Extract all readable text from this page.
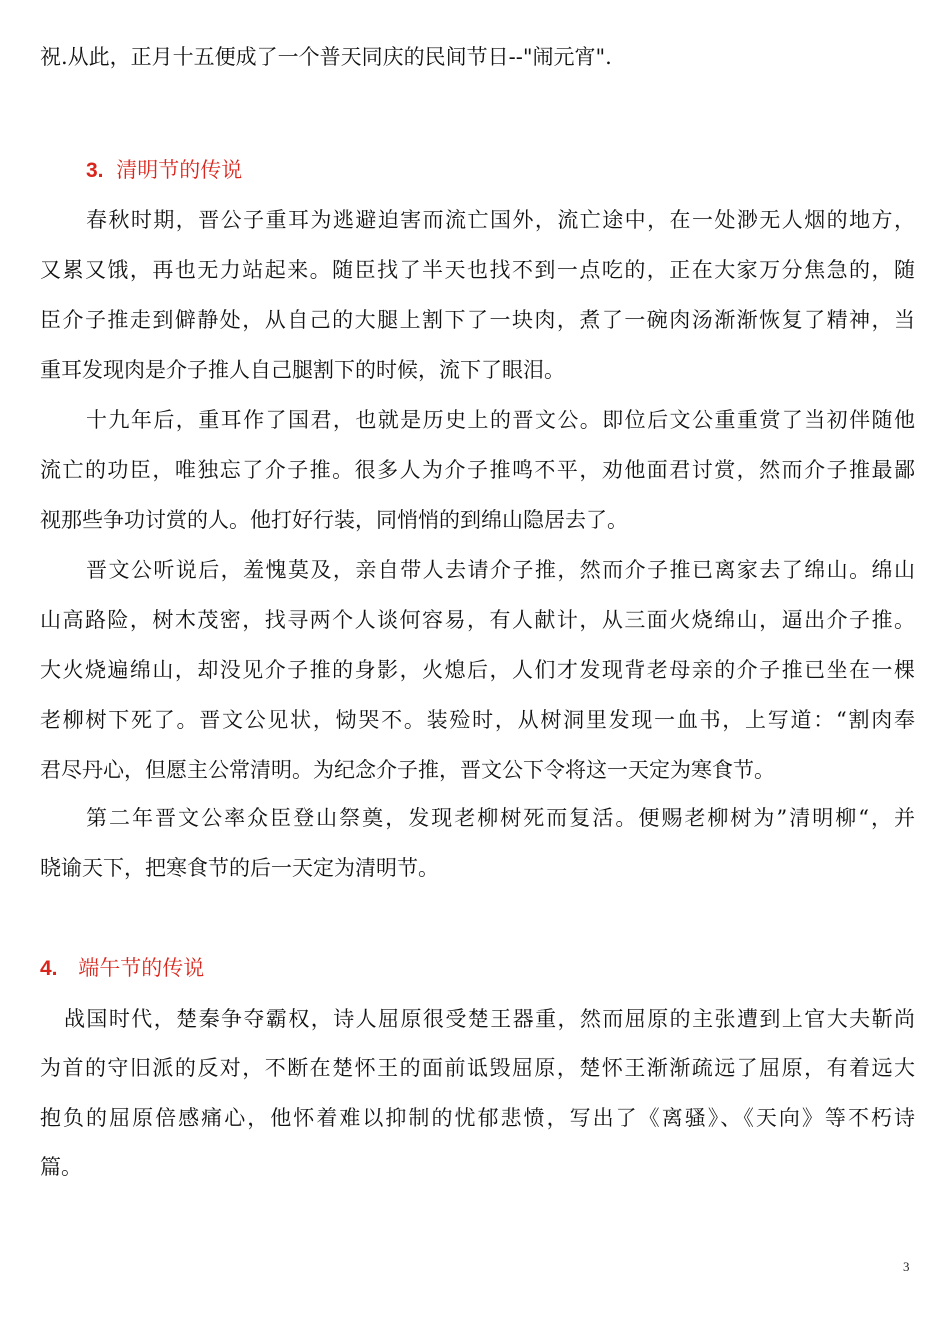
祝.从此，正月十五便成了一个普天同庆的民间节日--"闹元宵".
3. 清明节的传说
春秋时期，晋公子重耳为逃避迫害而流亡国外，流亡途中，在一处渺无人烟的地方，
又累又饿，再也无力站起来。随臣找了半天也找不到一点吃的，正在大家万分焦急的，随
臣介子推走到僻静处，从自己的大腿上割下了一块肉，煮了一碗肉汤渐渐恢复了精神，当
重耳发现肉是介子推人自己腿割下的时候，流下了眼泪。
十九年后，重耳作了国君，也就是历史上的晋文公。即位后文公重重赏了当初伴随他
流亡的功臣，唯独忘了介子推。很多人为介子推鸣不平，劝他面君讨赏，然而介子推最鄙
视那些争功讨赏的人。他打好行装，同悄悄的到绵山隐居去了。
晋文公听说后，羞愧莫及，亲自带人去请介子推，然而介子推已离家去了绵山。绵山
山高路险，树木茂密，找寻两个人谈何容易，有人献计，从三面火烧绵山，逼出介子推。
大火烧遍绵山，却没见介子推的身影，火熄后，人们才发现背老母亲的介子推已坐在一棵
老柳树下死了。晋文公见状，恸哭不。装殓时，从树洞里发现一血书，上写道：“割肉奉
君尽丹心，但愿主公常清明。为纪念介子推，晋文公下令将这一天定为寒食节。
第二年晋文公率众臣登山祭奠，发现老柳树死而复活。便赐老柳树为”清明柳“，并
晓谕天下，把寒食节的后一天定为清明节。
4. 端午节的传说
战国时代，楚秦争夺霸权，诗人屈原很受楚王器重，然而屈原的主张遭到上官大夫靳尚
为首的守旧派的反对，不断在楚怀王的面前诋毁屈原，楚怀王渐渐疏远了屈原，有着远大
抱负的屈原倍感痛心，他怀着难以抑制的忧郁悲愤，写出了《离骚》、《天向》等不朽诗
篇。
3
